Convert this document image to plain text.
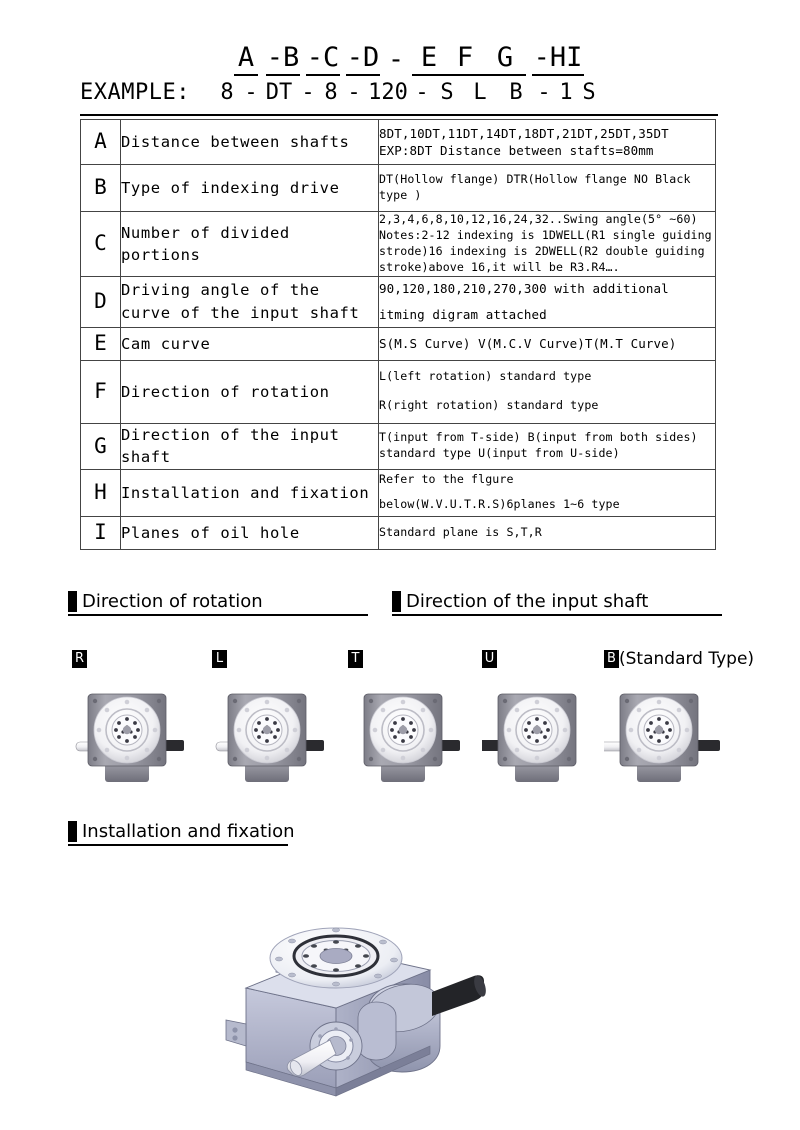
A -B -C -D - E F G -HI
EXAMPLE:	8 - DT - 8 - 120 - S L	B - 1 S
A	Distance between shafts	8DT,10DT,11DT,14DT,18DT,21DT,25DT,35DT
EXP:8DT Distance between stafts=80mm

B	Type of indexing drive	DT(Hollow flange) DTR(Hollow flange NO Black
type )

C	Number of divided portions	2,3,4,6,8,10,12,16,24,32..Swing angle(5° ~60)
Notes:2-12 indexing is 1DWELL(R1 single guiding
strode)16 indexing is 2DWELL(R2 double guiding
stroke)above 16,it will be R3.R4….

D	Driving angle of the curve of the input shaft	90,120,180,210,270,300 with additional
itming digram attached

E	Cam curve	S(M.S Curve) V(M.C.V Curve)T(M.T Curve)

F	Direction of rotation	L(left rotation) standard type
R(right rotation) standard type

G	Direction of the input shaft	T(input from T-side) B(input from both sides)
standard type U(input from U-side)

H	Installation and fixation	Refer to the flgure
below(W.V.U.T.R.S)6planes 1~6 type

I	Planes of oil hole	Standard plane is S,T,R
Direction of rotation	Direction of the input shaft
Installation and fixation
R	L	T	U	B (Standard Type)
